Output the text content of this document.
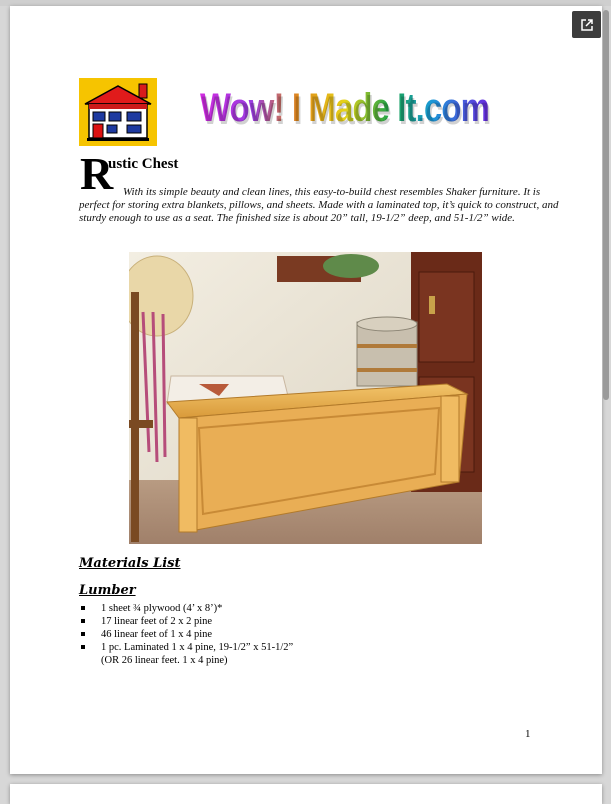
Wow! I Made It.com
R
ustic Chest

With its simple beauty and clean lines, this easy-to-build chest resembles Shaker furniture. It is perfect for storing extra blankets, pillows, and sheets. Made with a laminated top, it’s quick to construct, and sturdy enough to use as a seat. The finished size is about 20” tall, 19-1/2” deep, and 51-1/2” wide.

Materials List
Lumber
1 sheet ¾ plywood (4’ x 8’)*
17 linear feet of 2 x 2 pine
46 linear feet of 1 x 4 pine
1 pc. Laminated 1 x 4 pine, 19-1/2” x 51-1/2”
(OR 26 linear feet. 1 x 4 pine)
1
